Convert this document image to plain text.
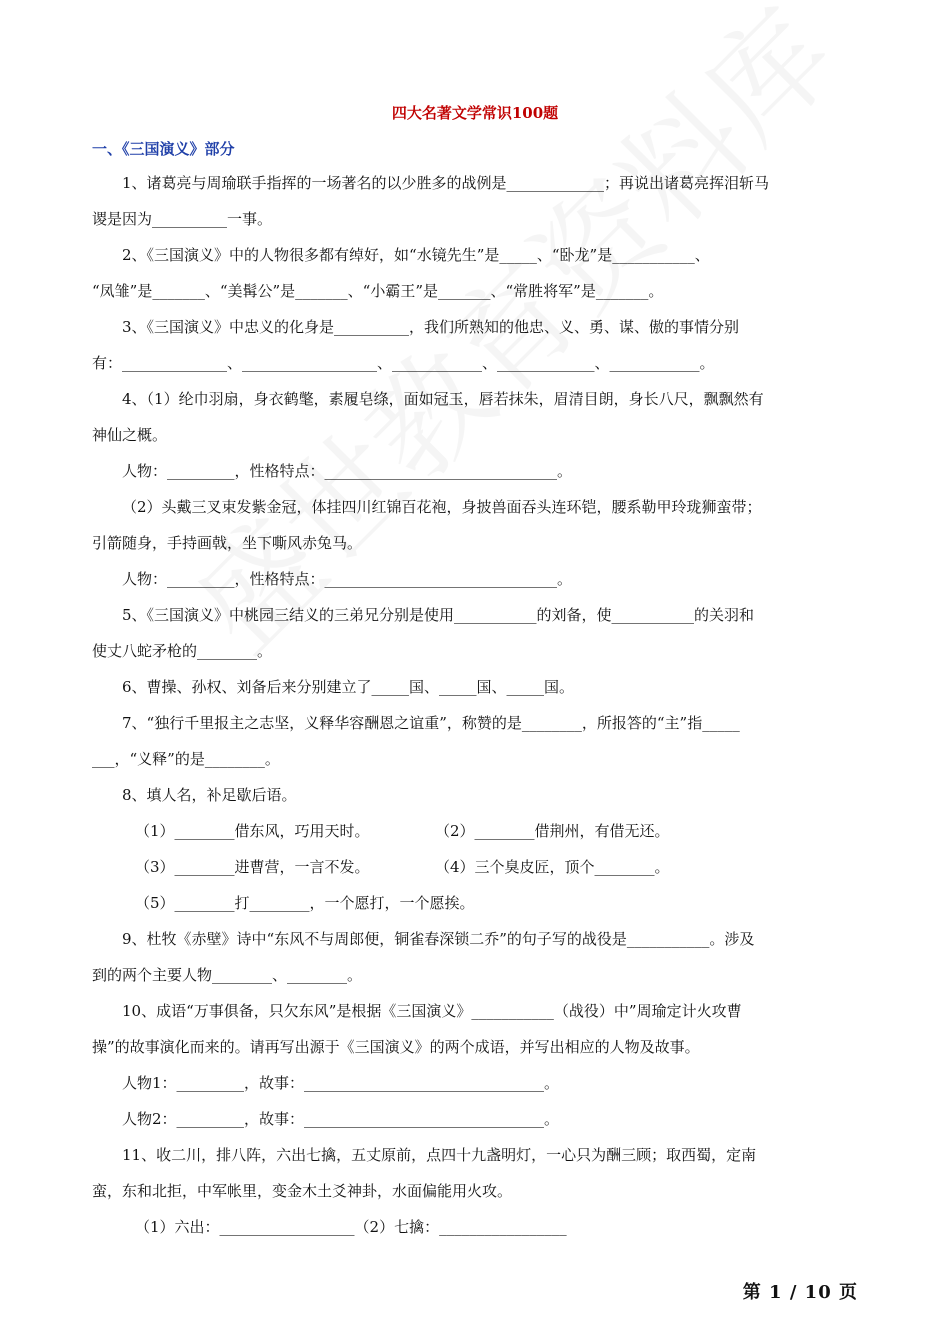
四大名著文学常识100题
一、《三国演义》部分

1、诸葛亮与周瑜联手指挥的一场著名的以少胜多的战例是_____________；再说出诸葛亮挥泪斩马

谡是因为__________一事。

2、《三国演义》中的人物很多都有绰好，如“水镜先生”是_____、“卧龙”是___________、

“凤雏”是_______、“美髯公”是_______、“小霸王”是_______、“常胜将军”是_______。

3、《三国演义》中忠义的化身是__________，我们所熟知的他忠、义、勇、谋、傲的事情分别

有：______________、__________________、____________、_____________、____________。

4、（1）纶巾羽扇，身衣鹤氅，素履皂绦，面如冠玉，唇若抹朱，眉清目朗，身长八尺，飘飘然有

神仙之概。

人物：_________，性格特点：_______________________________。

（2）头戴三叉束发紫金冠，体挂四川红锦百花袍，身披兽面吞头连环铠，腰系勒甲玲珑狮蛮带；

引箭随身，手持画戟，坐下嘶风赤兔马。

人物：_________，性格特点：_______________________________。

5、《三国演义》中桃园三结义的三弟兄分别是使用___________的刘备，使___________的关羽和

使丈八蛇矛枪的________。

6、曹操、孙权、刘备后来分别建立了_____国、_____国、_____国。

7、“独行千里报主之志坚，义释华容酬恩之谊重”，称赞的是________，所报答的“主”指_____

___，“义释”的是________。

8、填人名，补足歇后语。

（1）________借东风，巧用天时。	（2）________借荆州，有借无还。
（3）________进曹营，一言不发。	（4）三个臭皮匠，顶个________。

（5）________打________，一个愿打，一个愿挨。

9、杜牧《赤壁》诗中“东风不与周郎便，铜雀春深锁二乔”的句子写的战役是___________。涉及

到的两个主要人物________、________。

10、成语“万事俱备，只欠东风”是根据《三国演义》___________（战役）中”周瑜定计火攻曹

操”的故事演化而来的。请再写出源于《三国演义》的两个成语，并写出相应的人物及故事。

人物1：_________，故事：________________________________。

人物2：_________，故事：________________________________。

11、收二川，排八阵，六出七擒，五丈原前，点四十九盏明灯，一心只为酬三顾；取西蜀，定南

蛮，东和北拒，中军帐里，变金木土爻神卦，水面偏能用火攻。

（1）六出：__________________（2）七擒：_________________

第 1 / 10 页
